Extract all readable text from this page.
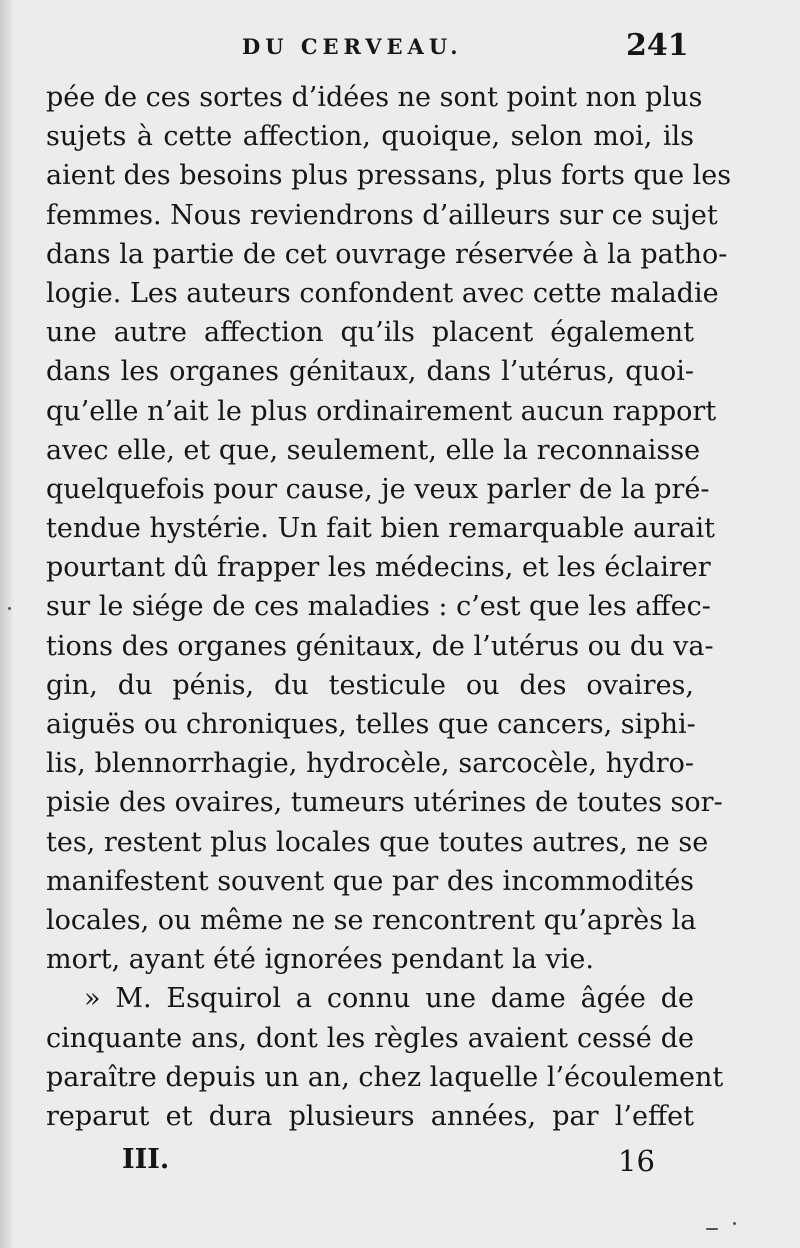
DU CERVEAU.	241
pée de ces sortes d’idées ne sont point non plus
sujets à cette affection, quoique, selon moi, ils
aient des besoins plus pressans, plus forts que les
femmes. Nous reviendrons d’ailleurs sur ce sujet
dans la partie de cet ouvrage réservée à la patho-
logie. Les auteurs confondent avec cette maladie
une autre affection qu’ils placent également
dans les organes génitaux, dans l’utérus, quoi-
qu’elle n’ait le plus ordinairement aucun rapport
avec elle, et que, seulement, elle la reconnaisse
quelquefois pour cause, je veux parler de la pré-
tendue hystérie. Un fait bien remarquable aurait
pourtant dû frapper les médecins, et les éclairer
sur le siége de ces maladies : c’est que les affec-
tions des organes génitaux, de l’utérus ou du va-
gin, du pénis, du testicule ou des ovaires,
aiguës ou chroniques, telles que cancers, siphi-
lis, blennorrhagie, hydrocèle, sarcocèle, hydro-
pisie des ovaires, tumeurs utérines de toutes sor-
tes, restent plus locales que toutes autres, ne se
manifestent souvent que par des incommodités
locales, ou même ne se rencontrent qu’après la
mort, ayant été ignorées pendant la vie.
» M. Esquirol a connu une dame âgée de
cinquante ans, dont les règles avaient cessé de
paraître depuis un an, chez laquelle l’écoulement
reparut et dura plusieurs années, par l’effet
III.	16
